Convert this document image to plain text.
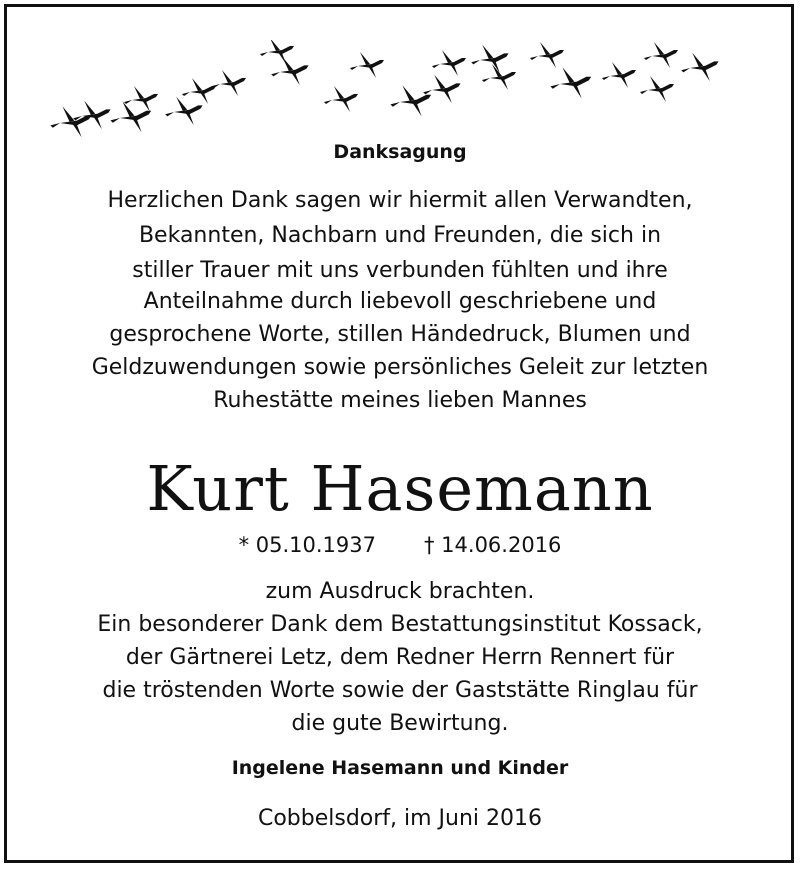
Danksagung
Herzlichen Dank sagen wir hiermit allen Verwandten,
Bekannten, Nachbarn und Freunden, die sich in
stiller Trauer mit uns verbunden fühlten und ihre
Anteilnahme durch liebevoll geschriebene und
gesprochene Worte, stillen Händedruck, Blumen und
Geldzuwendungen sowie persönliches Geleit zur letzten
Ruhestätte meines lieben Mannes
Kurt Hasemann
* 05.10.1937 † 14.06.2016
zum Ausdruck brachten.
Ein besonderer Dank dem Bestattungsinstitut Kossack,
der Gärtnerei Letz, dem Redner Herrn Rennert für
die tröstenden Worte sowie der Gaststätte Ringlau für
die gute Bewirtung.
Ingelene Hasemann und Kinder
Cobbelsdorf, im Juni 2016
